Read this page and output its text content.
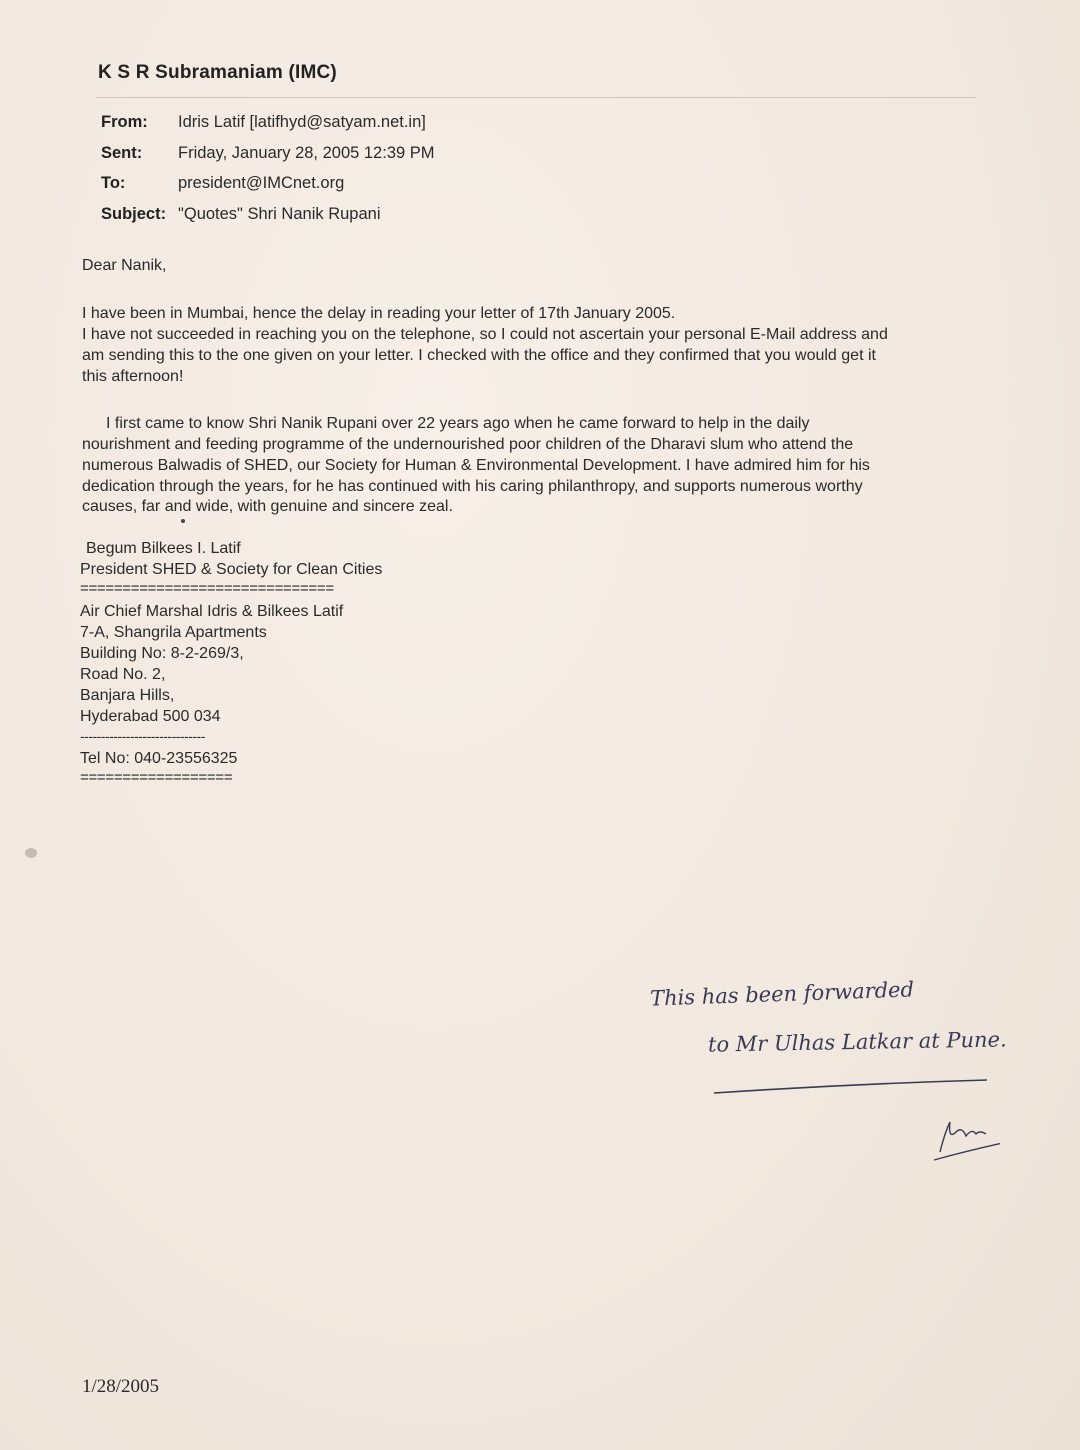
K S R Subramaniam (IMC)
From: Idris Latif [latifhyd@satyam.net.in]
Sent: Friday, January 28, 2005 12:39 PM
To:	president@IMCnet.org
Subject: "Quotes" Shri Nanik Rupani
Dear Nanik,
I have been in Mumbai, hence the delay in reading your letter of 17th January 2005.
I have not succeeded in reaching you on the telephone, so I could not ascertain your personal E-Mail address and
am sending this to the one given on your letter. I checked with the office and they confirmed that you would get it
this afternoon!
I first came to know Shri Nanik Rupani over 22 years ago when he came forward to help in the daily
nourishment and feeding programme of the undernourished poor children of the Dharavi slum who attend the
numerous Balwadis of SHED, our Society for Human & Environmental Development. I have admired him for his
dedication through the years, for he has continued with his caring philanthropy, and supports numerous worthy
causes, far and wide, with genuine and sincere zeal.
Begum Bilkees I. Latif
President SHED & Society for Clean Cities
==============================
Air Chief Marshal Idris & Bilkees Latif
7-A, Shangrila Apartments
Building No: 8-2-269/3,
Road No. 2,
Banjara Hills,
Hyderabad 500 034
------------------------------
Tel No: 040-23556325
==================
This has been forwarded
to Mr Ulhas Latkar at Pune.
1/28/2005
